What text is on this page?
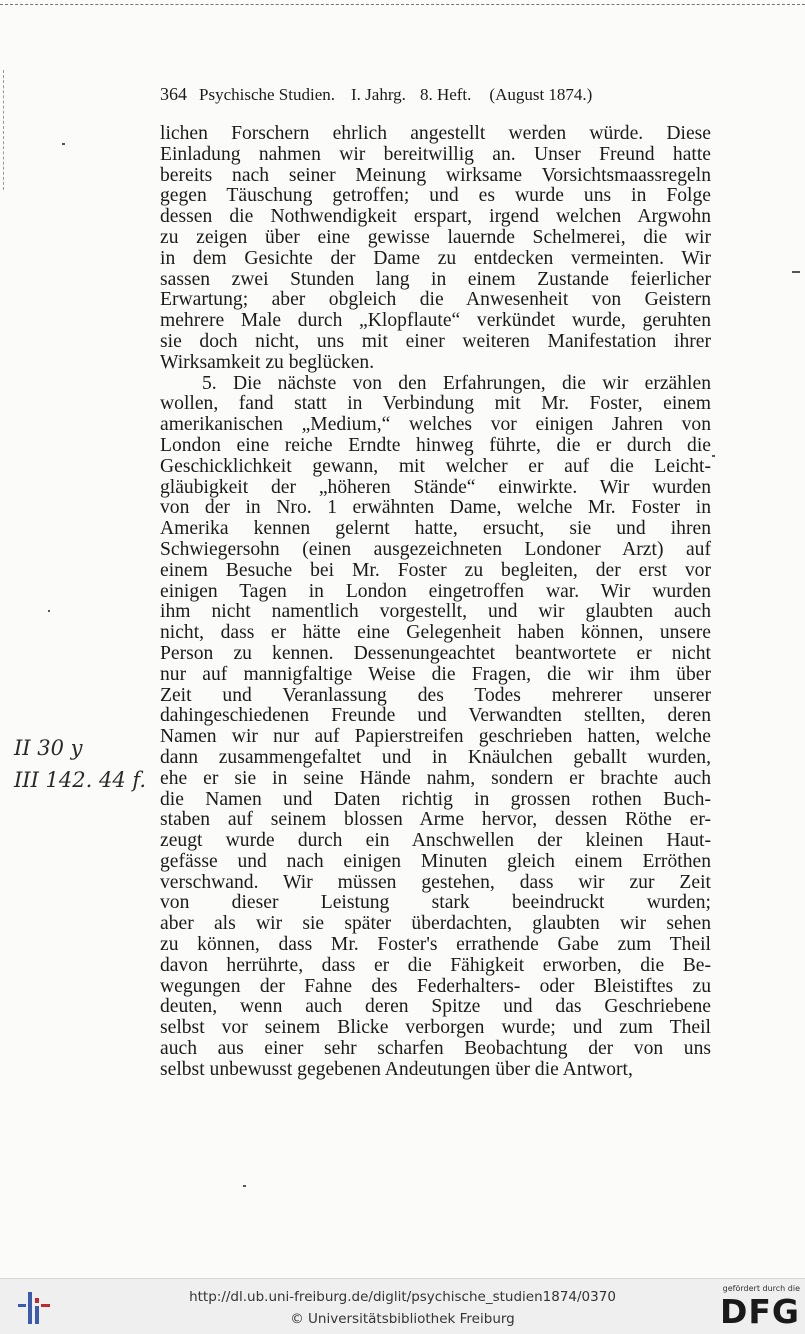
364 Psychische Studien. I. Jahrg. 8. Heft. (August 1874.)
lichen Forschern ehrlich angestellt werden würde. Diese
Einladung nahmen wir bereitwillig an. Unser Freund hatte
bereits nach seiner Meinung wirksame Vorsichtsmaassregeln
gegen Täuschung getroffen; und es wurde uns in Folge
dessen die Nothwendigkeit erspart, irgend welchen Argwohn
zu zeigen über eine gewisse lauernde Schelmerei, die wir
in dem Gesichte der Dame zu entdecken vermeinten. Wir
sassen zwei Stunden lang in einem Zustande feierlicher
Erwartung; aber obgleich die Anwesenheit von Geistern
mehrere Male durch „Klopflaute“ verkündet wurde, geruhten
sie doch nicht, uns mit einer weiteren Manifestation ihrer
Wirksamkeit zu beglücken.
5. Die nächste von den Erfahrungen, die wir erzählen
wollen, fand statt in Verbindung mit Mr. Foster, einem
amerikanischen „Medium,“ welches vor einigen Jahren von
London eine reiche Erndte hinweg führte, die er durch die
Geschicklichkeit gewann, mit welcher er auf die Leicht-
gläubigkeit der „höheren Stände“ einwirkte. Wir wurden
von der in Nro. 1 erwähnten Dame, welche Mr. Foster in
Amerika kennen gelernt hatte, ersucht, sie und ihren
Schwiegersohn (einen ausgezeichneten Londoner Arzt) auf
einem Besuche bei Mr. Foster zu begleiten, der erst vor
einigen Tagen in London eingetroffen war. Wir wurden
ihm nicht namentlich vorgestellt, und wir glaubten auch
nicht, dass er hätte eine Gelegenheit haben können, unsere
Person zu kennen. Dessenungeachtet beantwortete er nicht
nur auf mannigfaltige Weise die Fragen, die wir ihm über
Zeit und Veranlassung des Todes mehrerer unserer
dahingeschiedenen Freunde und Verwandten stellten, deren
Namen wir nur auf Papierstreifen geschrieben hatten, welche
dann zusammengefaltet und in Knäulchen geballt wurden,
ehe er sie in seine Hände nahm, sondern er brachte auch
die Namen und Daten richtig in grossen rothen Buch-
staben auf seinem blossen Arme hervor, dessen Röthe er-
zeugt wurde durch ein Anschwellen der kleinen Haut-
gefässe und nach einigen Minuten gleich einem Erröthen
verschwand. Wir müssen gestehen, dass wir zur Zeit
von dieser Leistung stark beeindruckt wurden;
aber als wir sie später überdachten, glaubten wir sehen
zu können, dass Mr. Foster's errathende Gabe zum Theil
davon herrührte, dass er die Fähigkeit erworben, die Be-
wegungen der Fahne des Federhalters- oder Bleistiftes zu
deuten, wenn auch deren Spitze und das Geschriebene
selbst vor seinem Blicke verborgen wurde; und zum Theil
auch aus einer sehr scharfen Beobachtung der von uns
selbst unbewusst gegebenen Andeutungen über die Antwort,
II 30 y
III 142. 44 f.
http://dl.ub.uni-freiburg.de/diglit/psychische_studien1874/0370
© Universitätsbibliothek Freiburg
gefördert durch die
DFG
